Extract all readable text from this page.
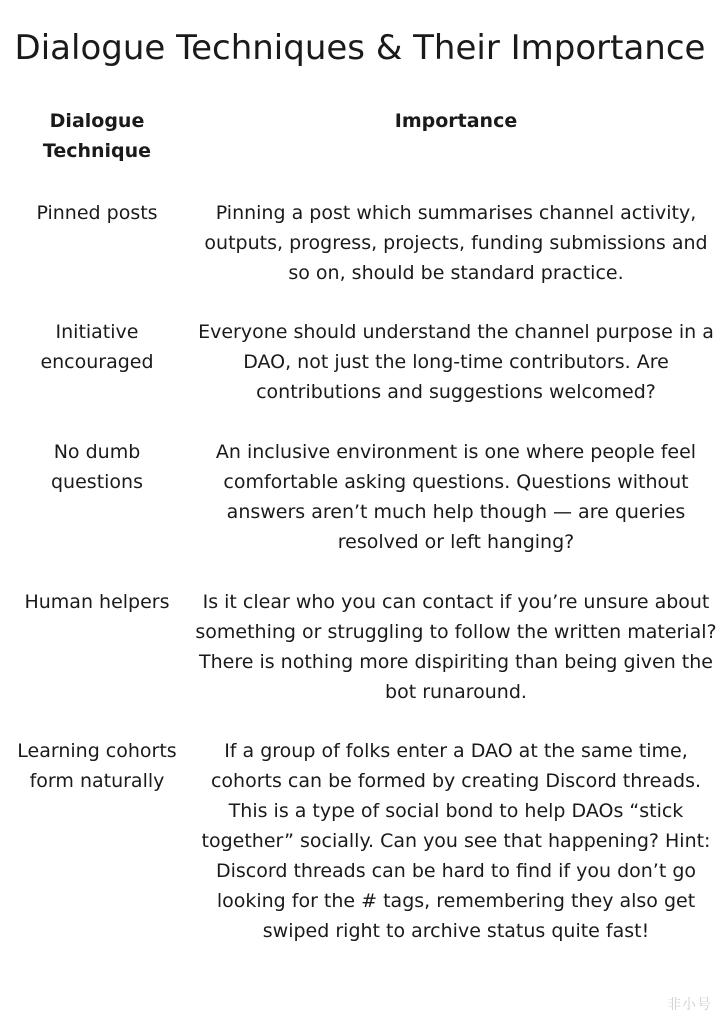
Dialogue Techniques & Their Importance
Dialogue Technique
Importance
Pinned posts	Pinning a post which summarises channel activity, outputs, progress, projects, funding submissions and so on, should be standard practice.
Initiative encouraged
Everyone should understand the channel purpose in a DAO, not just the long-time contributors. Are contributions and suggestions welcomed?
No dumb questions
An inclusive environment is one where people feel comfortable asking questions. Questions without answers aren’t much help though — are queries resolved or left hanging?
Human helpers	Is it clear who you can contact if you’re unsure about something or struggling to follow the written material? There is nothing more dispiriting than being given the bot runaround.
Learning cohorts form naturally
If a group of folks enter a DAO at the same time, cohorts can be formed by creating Discord threads. This is a type of social bond to help DAOs “stick together” socially. Can you see that happening? Hint: Discord threads can be hard to find if you don’t go looking for the # tags, remembering they also get swiped right to archive status quite fast!
非小号
